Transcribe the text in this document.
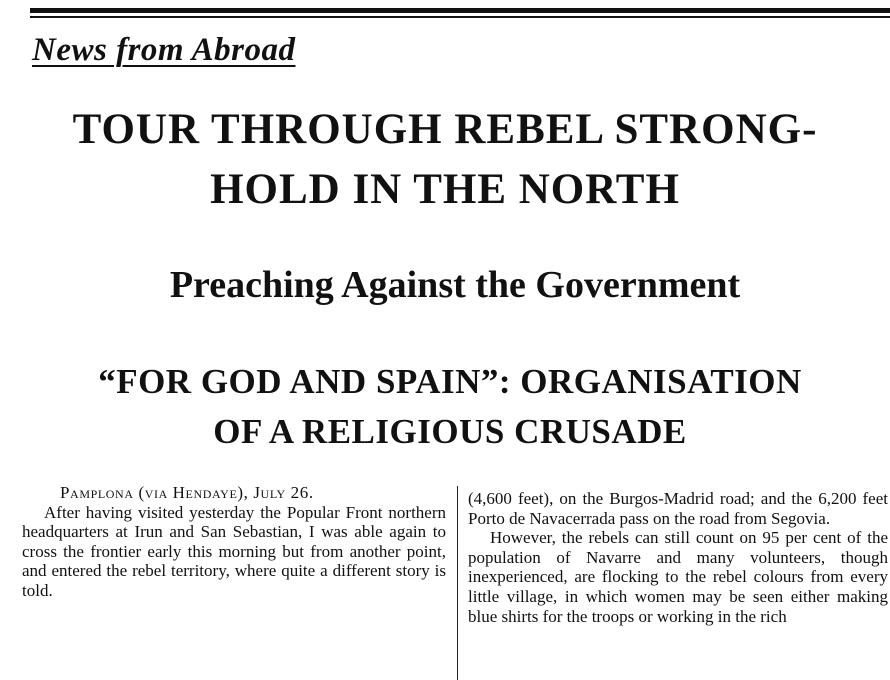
News from Abroad
TOUR THROUGH REBEL STRONG-
HOLD IN THE NORTH
Preaching Against the Government
“FOR GOD AND SPAIN”: ORGANISATION
OF A RELIGIOUS CRUSADE

Pamplona (via Hendaye), July 26.

After having visited yesterday the Popular Front northern headquarters at Irun and San Sebastian, I was able again to cross the frontier early this morning but from another point, and entered the rebel territory, where quite a different story is told.

(4,600 feet), on the Burgos-Madrid road; and the 6,200 feet Porto de Navacerrada pass on the road from Segovia.

However, the rebels can still count on 95 per cent of the population of Navarre and many volunteers, though inexperienced, are flocking to the rebel colours from every little village, in which women may be seen either making blue shirts for the troops or working in the rich
